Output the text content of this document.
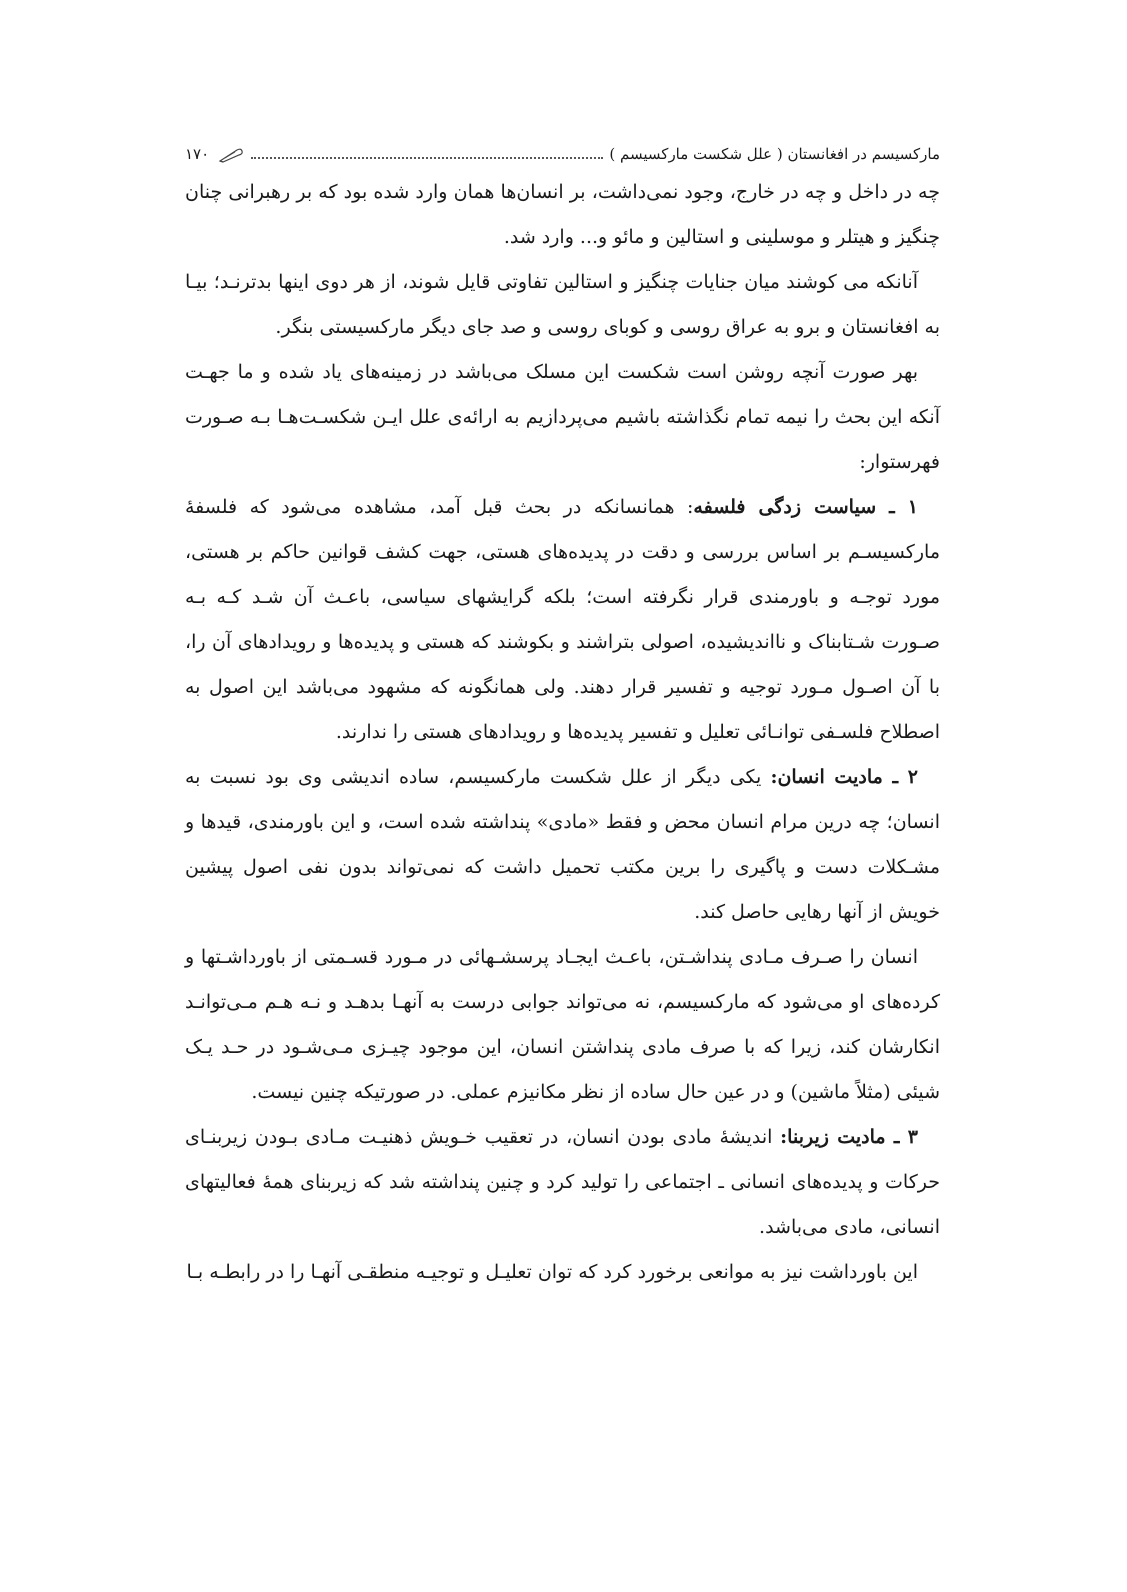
مارکسیسم در افغانستان ( علل شکست مارکسیسم )
۱۷۰

چه در داخل و چه در خارج، وجود نمی‌داشت، بر انسان‌ها همان وارد شده بود که بر رهبرانی چنان چنگیز و هیتلر و موسلینی و استالین و مائو و... وارد شد.

آنانکه می کوشند میان جنایات چنگیز و استالین تفاوتی قایل شوند، از هر دوی اینها بدترنـد؛ بیـا به افغانستان و برو به عراق روسی و کوبای روسی و صد جای دیگر مارکسیستی بنگر.

بهر صورت آنچه روشن است شکست این مسلک می‌باشد در زمینه‌های یاد شده و ما جهـت آنکه این بحث را نیمه تمام نگذاشته باشیم می‌پردازیم به ارائه‌ی علل ایـن شکسـت‌هـا بـه صـورت فهرستوار:

۱ ـ سیاست زدگی فلسفه: همانسانکه در بحث قبل آمد، مشاهده می‌شود که فلسفۀ مارکسیسـم بر اساس بررسی و دقت در پدیده‌های هستی، جهت کشف قوانین حاکم بر هستی، مورد توجـه و باورمندی قرار نگرفته است؛ بلکه گرایشهای سیاسی، باعـث آن شـد کـه بـه صـورت شـتابناک و نااندیشیده، اصولی بتراشند و بکوشند که هستی و پدیده‌ها و رویدادهای آن را، با آن اصـول مـورد توجیه و تفسیر قرار دهند. ولی همانگونه که مشهود می‌باشد این اصول به اصطلاح فلسـفی توانـائی تعلیل و تفسیر پدیده‌ها و رویدادهای هستی را ندارند.

۲ ـ مادیت انسان: یکی دیگر از علل شکست مارکسیسم، ساده اندیشی وی بود نسبت به انسان؛ چه درین مرام انسان محض و فقط «مادی» پنداشته شده است، و این باورمندی، قیدها و مشـکلات دست و پاگیری را برین مکتب تحمیل داشت که نمی‌تواند بدون نفی اصول پیشین خویش از آنها رهایی حاصل کند.

انسان را صـرف مـادی پنداشـتن، باعـث ایجـاد پرسشـهائی در مـورد قسـمتی از باورداشـتها و کرده‌های او می‌شود که مارکسیسم، نه می‌تواند جوابی درست به آنهـا بدهـد و نـه هـم مـی‌توانـد انکارشان کند، زیرا که با صرف مادی پنداشتن انسان، این موجود چیـزی مـی‌شـود در حـد یـک شیئی (مثلاً ماشین) و در عین حال ساده از نظر مکانیزم عملی. در صورتیکه چنین نیست.

۳ ـ مادیت زیربنا: اندیشۀ مادی بودن انسان، در تعقیب خـویش ذهنیـت مـادی بـودن زیربنـای حرکات و پدیده‌های انسانی ـ اجتماعی را تولید کرد و چنین پنداشته شد که زیربنای همۀ فعالیتهای انسانی، مادی می‌باشد.

این باورداشت نیز به موانعی برخورد کرد که توان تعلیـل و توجیـه منطقـی آنهـا را در رابطـه بـا
